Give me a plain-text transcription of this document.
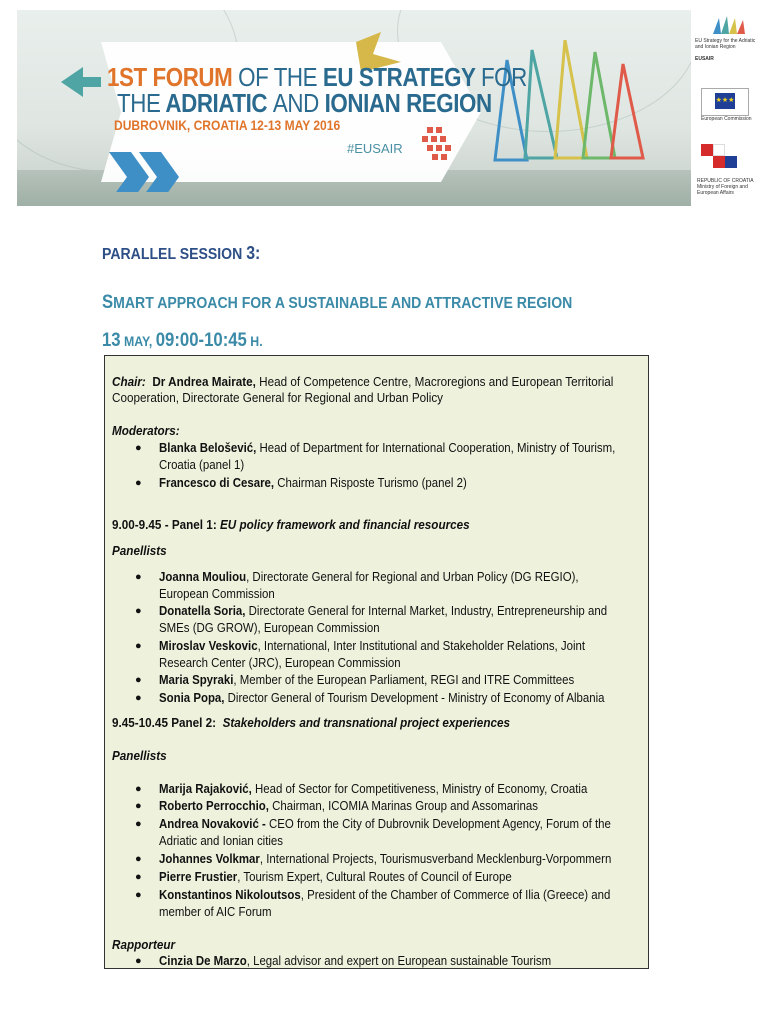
1ST FORUM OF THE EU STRATEGY FOR
THE ADRIATIC AND IONIAN REGION
DUBROVNIK, CROATIA 12-13 MAY 2016
#EUSAIR
EU Strategy for the Adriatic and Ionian Region
EUSAIR
★★★
European Commission
REPUBLIC OF CROATIA Ministry of Foreign and European Affairs
PARALLEL SESSION 3:
SMART APPROACH FOR A SUSTAINABLE AND ATTRACTIVE REGION
13 MAY, 09:00-10:45 H.
Chair: Dr Andrea Mairate, Head of Competence Centre, Macroregions and European Territorial
Cooperation, Directorate General for Regional and Urban Policy
Moderators:
● Blanka Belošević, Head of Department for International Cooperation, Ministry of Tourism,
Croatia (panel 1)
● Francesco di Cesare, Chairman Risposte Turismo (panel 2)
9.00-9.45 - Panel 1: EU policy framework and financial resources
Panellists
● Joanna Mouliou, Directorate General for Regional and Urban Policy (DG REGIO),
European Commission
● Donatella Soria, Directorate General for Internal Market, Industry, Entrepreneurship and
SMEs (DG GROW), European Commission
● Miroslav Veskovic, International, Inter Institutional and Stakeholder Relations, Joint
Research Center (JRC), European Commission
● Maria Spyraki, Member of the European Parliament, REGI and ITRE Committees
● Sonia Popa, Director General of Tourism Development - Ministry of Economy of Albania
9.45-10.45 Panel 2: Stakeholders and transnational project experiences
Panellists
● Marija Rajaković, Head of Sector for Competitiveness, Ministry of Economy, Croatia
● Roberto Perrocchio, Chairman, ICOMIA Marinas Group and Assomarinas
● Andrea Novaković - CEO from the City of Dubrovnik Development Agency, Forum of the
Adriatic and Ionian cities
● Johannes Volkmar, International Projects, Tourismusverband Mecklenburg-Vorpommern
● Pierre Frustier, Tourism Expert, Cultural Routes of Council of Europe
● Konstantinos Nikoloutsos, President of the Chamber of Commerce of Ilia (Greece) and
member of AIC Forum
Rapporteur
● Cinzia De Marzo, Legal advisor and expert on European sustainable Tourism
